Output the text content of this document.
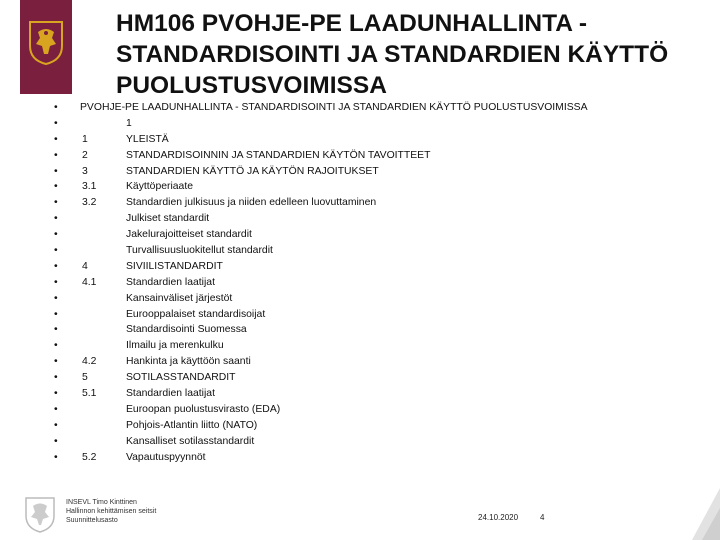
HM106 PVOHJE-PE LAADUNHALLINTA - STANDARDISOINTI JA STANDARDIEN KÄYTTÖ PUOLUSTUSVOIMISSA
• PVOHJE-PE LAADUNHALLINTA - STANDARDISOINTI JA STANDARDIEN KÄYTTÖ PUOLUSTUSVOIMISSA
•	1
• 1	YLEISTÄ
• 2	STANDARDISOINNIN JA STANDARDIEN KÄYTÖN TAVOITTEET
• 3	STANDARDIEN KÄYTTÖ JA KÄYTÖN RAJOITUKSET
• 3.1	Käyttöperiaate
• 3.2	Standardien julkisuus ja niiden edelleen luovuttaminen
•	Julkiset standardit
•	Jakelurajoitteiset standardit
•	Turvallisuusluokitellut standardit
• 4	SIVIILISTANDARDIT
• 4.1	Standardien laatijat
•	Kansainväliset järjestöt
•	Eurooppalaiset standardisoijat
•	Standardisointi Suomessa
•	Ilmailu ja merenkulku
• 4.2	Hankinta ja käyttöön saanti
• 5	SOTILASSTANDARDIT
• 5.1	Standardien laatijat
•	Euroopan puolustusvirasto (EDA)
•	Pohjois-Atlantin liitto (NATO)
•	Kansalliset sotilasstandardit
• 5.2	Vapautuspyynnöt
INSEVL Timo Kinttinen
Hallinnon kehittämisen seitsit
Suunnittelusasto	24.10.2020	4
